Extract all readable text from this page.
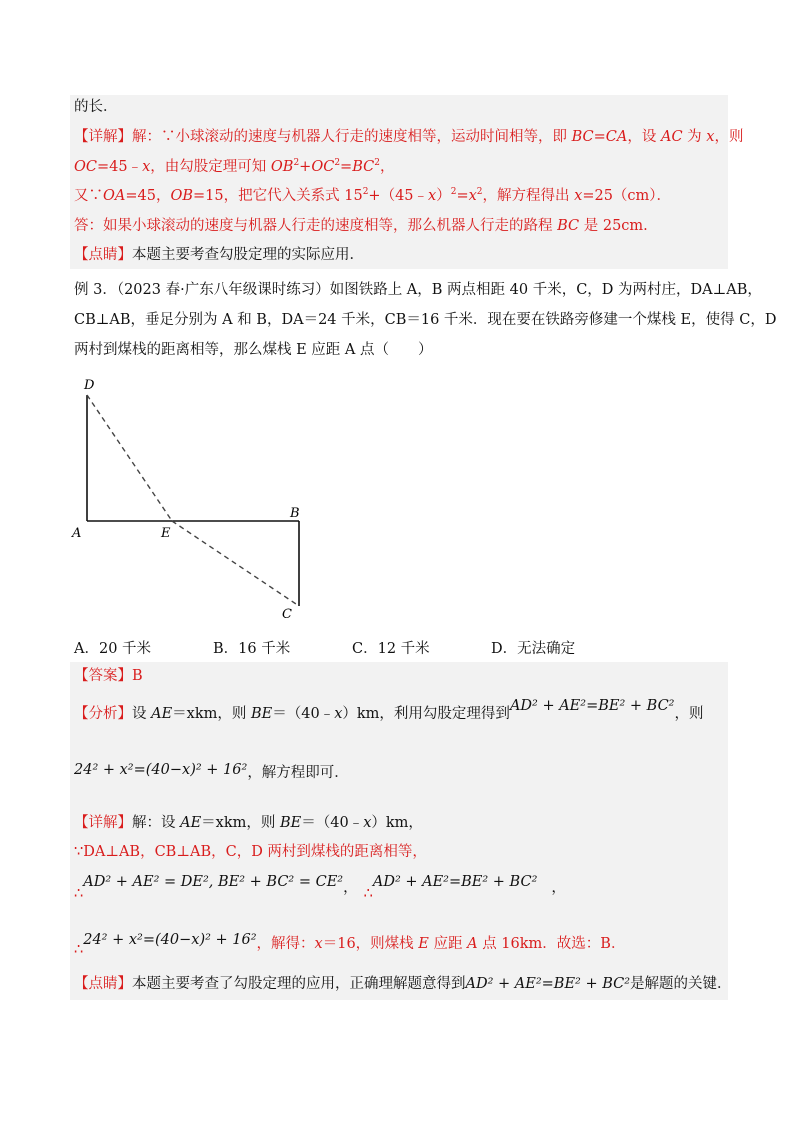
的长．
【详解】解：∵小球滚动的速度与机器人行走的速度相等，运动时间相等，即 BC=CA，设 AC 为 x，则
OC=45﹣x，由勾股定理可知 $OB^2+OC^2=BC^2$，
又∵OA=45，OB=15，把它代入关系式 $15^2+(45﹣x)^2=x^2$，解方程得出 x=25（cm）．
答：如果小球滚动的速度与机器人行走的速度相等，那么机器人行走的路程 BC 是 25cm.
【点睛】本题主要考查勾股定理的实际应用．
例 3．（2023 春·广东八年级课时练习）如图铁路上 A，B 两点相距 40 千米，C，D 为两村庄，DA⊥AB，
CB⊥AB，垂足分别为 A 和 B，DA＝24 千米，CB＝16 千米．现在要在铁路旁修建一个煤栈 E，使得 C，D
两村到煤栈的距离相等，那么煤栈 E 应距 A 点（　　）
D
A	E
B
C
A．20 千米	B．16 千米	C．12 千米	D．无法确定
【答案】B
【分析】设 AE＝xkm，则 BE＝（40﹣x）km，利用勾股定理得到AD² + AE²=BE² + BC²，则
24² + x²=(40−x)² + 16²，解方程即可．
【详解】解：设 AE＝xkm，则 BE＝（40﹣x）km，
∵DA⊥AB，CB⊥AB，C，D 两村到煤栈的距离相等，
∴AD² + AE² = DE², BE² + BC² = CE²， ∴AD² + AE²=BE² + BC² ，
∴24² + x²=(40−x)² + 16²，解得：x＝16，则煤栈 E 应距 A 点 16km．故选：B．
【点睛】本题主要考查了勾股定理的应用，正确理解题意得到AD² + AE²=BE² + BC²是解题的关键．
